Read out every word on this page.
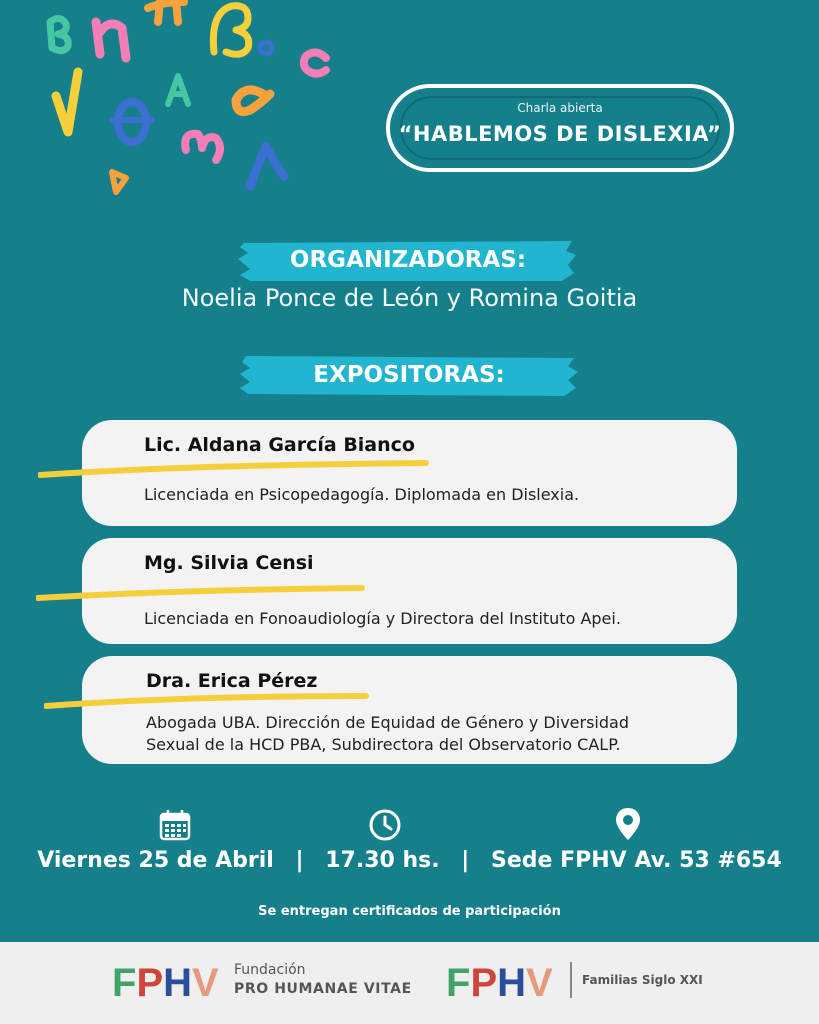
Charla abierta
“HABLEMOS DE DISLEXIA”
ORGANIZADORAS:
Noelia Ponce de León y Romina Goitia
EXPOSITORAS:
Lic. Aldana García Bianco
Licenciada en Psicopedagogía. Diplomada en Dislexia.
Mg. Silvia Censi
Licenciada en Fonoaudiología y Directora del Instituto Apei.
Dra. Erica Pérez
Abogada UBA. Dirección de Equidad de Género y Diversidad
Sexual de la HCD PBA, Subdirectora del Observatorio CALP.
Viernes 25 de Abril | 17.30 hs. | Sede FPHV Av. 53 #654
Se entregan certificados de participación
FPHV Fundación
PRO HUMANAE VITAE FPHV Familias Siglo XXI
